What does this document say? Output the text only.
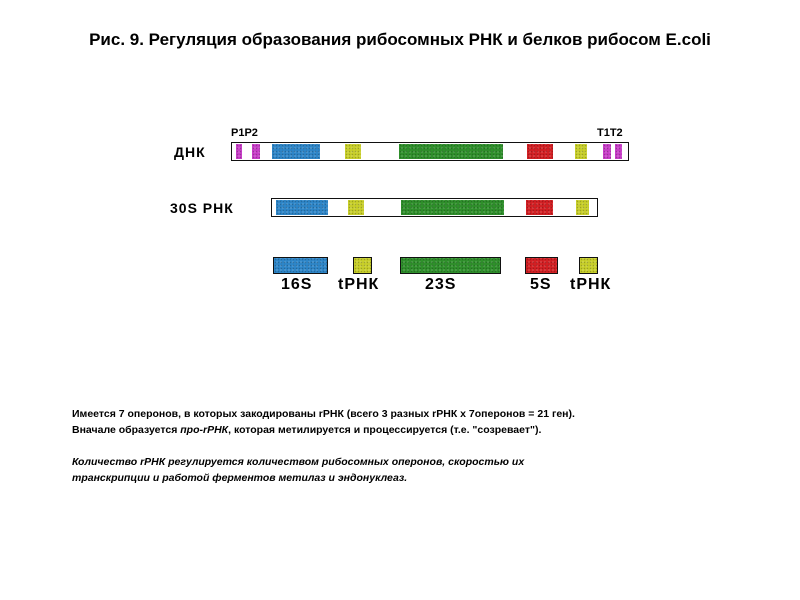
Рис. 9. Регуляция образования рибосомных РНК и белков рибосом E.coli
P1P2	T1T2
ДНК
30S РНК
16S tРНК	23S	5S tРНК

Имеется 7 оперонов, в которых закодированы rРНК (всего 3 разных rРНК х 7оперонов = 21 ген).

Вначале образуется про-rРНК, которая метилируется и процессируется (т.е. "созревает").

Количество rРНК регулируется количеством рибосомных оперонов, скоростью их

транскрипции и работой ферментов метилаз и эндонуклеаз.
